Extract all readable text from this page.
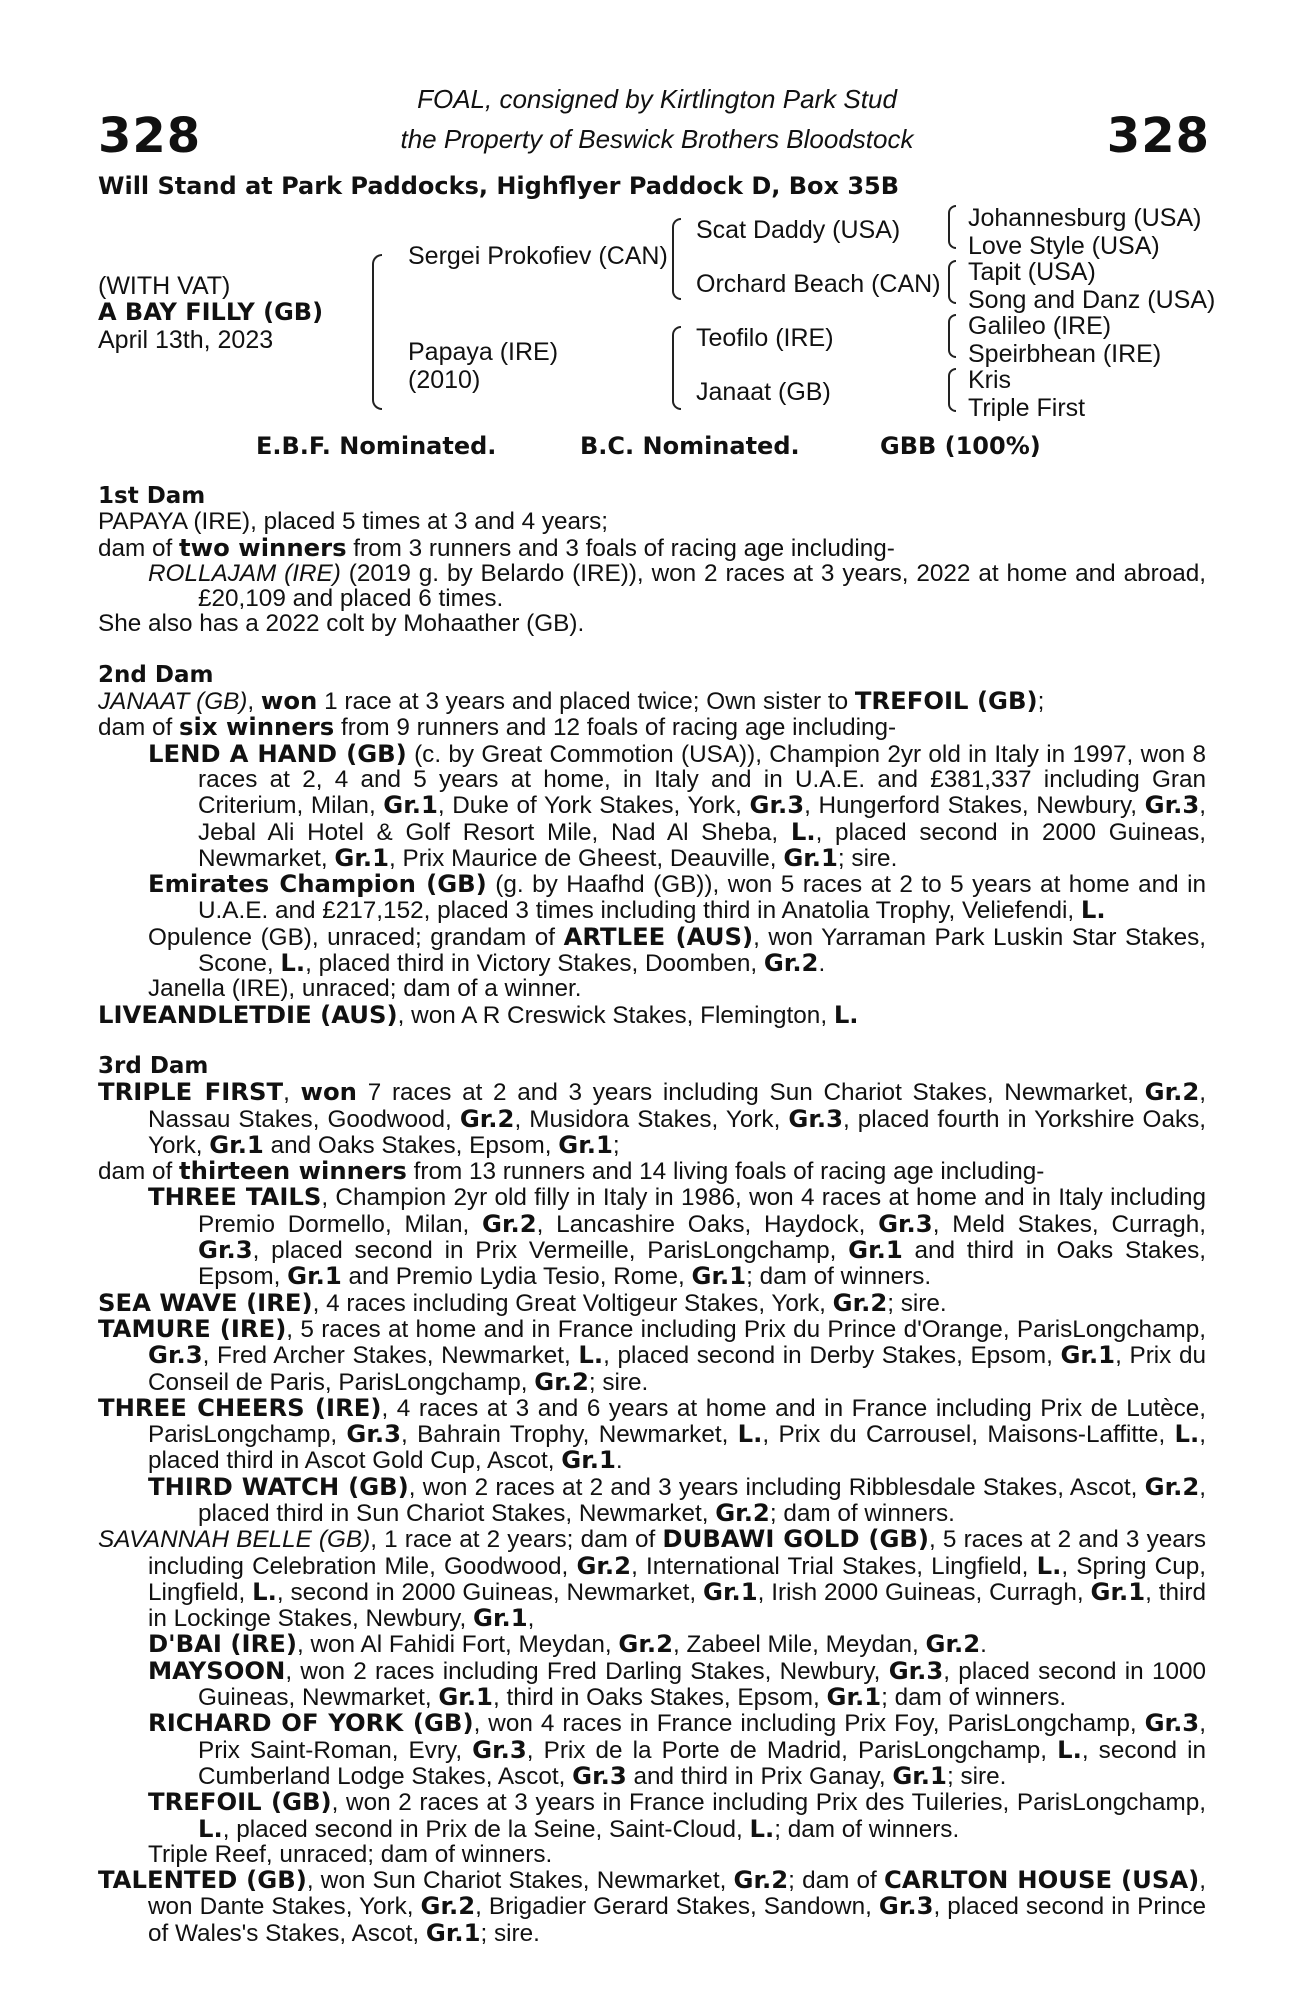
328	328
FOAL, consigned by Kirtlington Park Stud
the Property of Beswick Brothers Bloodstock
Will Stand at Park Paddocks, Highflyer Paddock D, Box 35B
(WITH VAT)
A BAY FILLY (GB)
April 13th, 2023
Sergei Prokofiev (CAN)
Papaya (IRE)
(2010)
Scat Daddy (USA)
Orchard Beach (CAN)
Teofilo (IRE)
Janaat (GB)
Johannesburg (USA)
Love Style (USA)
Tapit (USA)
Song and Danz (USA)
Galileo (IRE)
Speirbhean (IRE)
Kris
Triple First
E.B.F. Nominated.	B.C. Nominated.	GBB (100%)

1st Dam

PAPAYA (IRE), placed 5 times at 3 and 4 years;

dam of two winners from 3 runners and 3 foals of racing age including-

ROLLAJAM (IRE) (2019 g. by Belardo (IRE)), won 2 races at 3 years, 2022 at home and abroad, £20,109 and placed 6 times.

She also has a 2022 colt by Mohaather (GB).

2nd Dam

JANAAT (GB), won 1 race at 3 years and placed twice; Own sister to TREFOIL (GB);

dam of six winners from 9 runners and 12 foals of racing age including-

LEND A HAND (GB) (c. by Great Commotion (USA)), Champion 2yr old in Italy in 1997, won 8 races at 2, 4 and 5 years at home, in Italy and in U.A.E. and £381,337 including Gran Criterium, Milan, Gr.1, Duke of York Stakes, York, Gr.3, Hungerford Stakes, Newbury, Gr.3, Jebal Ali Hotel & Golf Resort Mile, Nad Al Sheba, L., placed second in 2000 Guineas, Newmarket, Gr.1, Prix Maurice de Gheest, Deauville, Gr.1; sire.

Emirates Champion (GB) (g. by Haafhd (GB)), won 5 races at 2 to 5 years at home and in U.A.E. and £217,152, placed 3 times including third in Anatolia Trophy, Veliefendi, L.

Opulence (GB), unraced; grandam of ARTLEE (AUS), won Yarraman Park Luskin Star Stakes, Scone, L., placed third in Victory Stakes, Doomben, Gr.2.

Janella (IRE), unraced; dam of a winner.

LIVEANDLETDIE (AUS), won A R Creswick Stakes, Flemington, L.

3rd Dam

TRIPLE FIRST, won 7 races at 2 and 3 years including Sun Chariot Stakes, Newmarket, Gr.2, Nassau Stakes, Goodwood, Gr.2, Musidora Stakes, York, Gr.3, placed fourth in Yorkshire Oaks, York, Gr.1 and Oaks Stakes, Epsom, Gr.1;

dam of thirteen winners from 13 runners and 14 living foals of racing age including-

THREE TAILS, Champion 2yr old filly in Italy in 1986, won 4 races at home and in Italy including Premio Dormello, Milan, Gr.2, Lancashire Oaks, Haydock, Gr.3, Meld Stakes, Curragh, Gr.3, placed second in Prix Vermeille, ParisLongchamp, Gr.1 and third in Oaks Stakes, Epsom, Gr.1 and Premio Lydia Tesio, Rome, Gr.1; dam of winners.

SEA WAVE (IRE), 4 races including Great Voltigeur Stakes, York, Gr.2; sire.

TAMURE (IRE), 5 races at home and in France including Prix du Prince d'Orange, ParisLongchamp, Gr.3, Fred Archer Stakes, Newmarket, L., placed second in Derby Stakes, Epsom, Gr.1, Prix du Conseil de Paris, ParisLongchamp, Gr.2; sire.

THREE CHEERS (IRE), 4 races at 3 and 6 years at home and in France including Prix de Lutèce, ParisLongchamp, Gr.3, Bahrain Trophy, Newmarket, L., Prix du Carrousel, Maisons-Laffitte, L., placed third in Ascot Gold Cup, Ascot, Gr.1.

THIRD WATCH (GB), won 2 races at 2 and 3 years including Ribblesdale Stakes, Ascot, Gr.2, placed third in Sun Chariot Stakes, Newmarket, Gr.2; dam of winners.

SAVANNAH BELLE (GB), 1 race at 2 years; dam of DUBAWI GOLD (GB), 5 races at 2 and 3 years including Celebration Mile, Goodwood, Gr.2, International Trial Stakes, Lingfield, L., Spring Cup, Lingfield, L., second in 2000 Guineas, Newmarket, Gr.1, Irish 2000 Guineas, Curragh, Gr.1, third in Lockinge Stakes, Newbury, Gr.1,
D'BAI (IRE), won Al Fahidi Fort, Meydan, Gr.2, Zabeel Mile, Meydan, Gr.2.

MAYSOON, won 2 races including Fred Darling Stakes, Newbury, Gr.3, placed second in 1000 Guineas, Newmarket, Gr.1, third in Oaks Stakes, Epsom, Gr.1; dam of winners.

RICHARD OF YORK (GB), won 4 races in France including Prix Foy, ParisLongchamp, Gr.3, Prix Saint-Roman, Evry, Gr.3, Prix de la Porte de Madrid, ParisLongchamp, L., second in Cumberland Lodge Stakes, Ascot, Gr.3 and third in Prix Ganay, Gr.1; sire.

TREFOIL (GB), won 2 races at 3 years in France including Prix des Tuileries, ParisLongchamp, L., placed second in Prix de la Seine, Saint-Cloud, L.; dam of winners.

Triple Reef, unraced; dam of winners.

TALENTED (GB), won Sun Chariot Stakes, Newmarket, Gr.2; dam of CARLTON HOUSE (USA), won Dante Stakes, York, Gr.2, Brigadier Gerard Stakes, Sandown, Gr.3, placed second in Prince of Wales's Stakes, Ascot, Gr.1; sire.
